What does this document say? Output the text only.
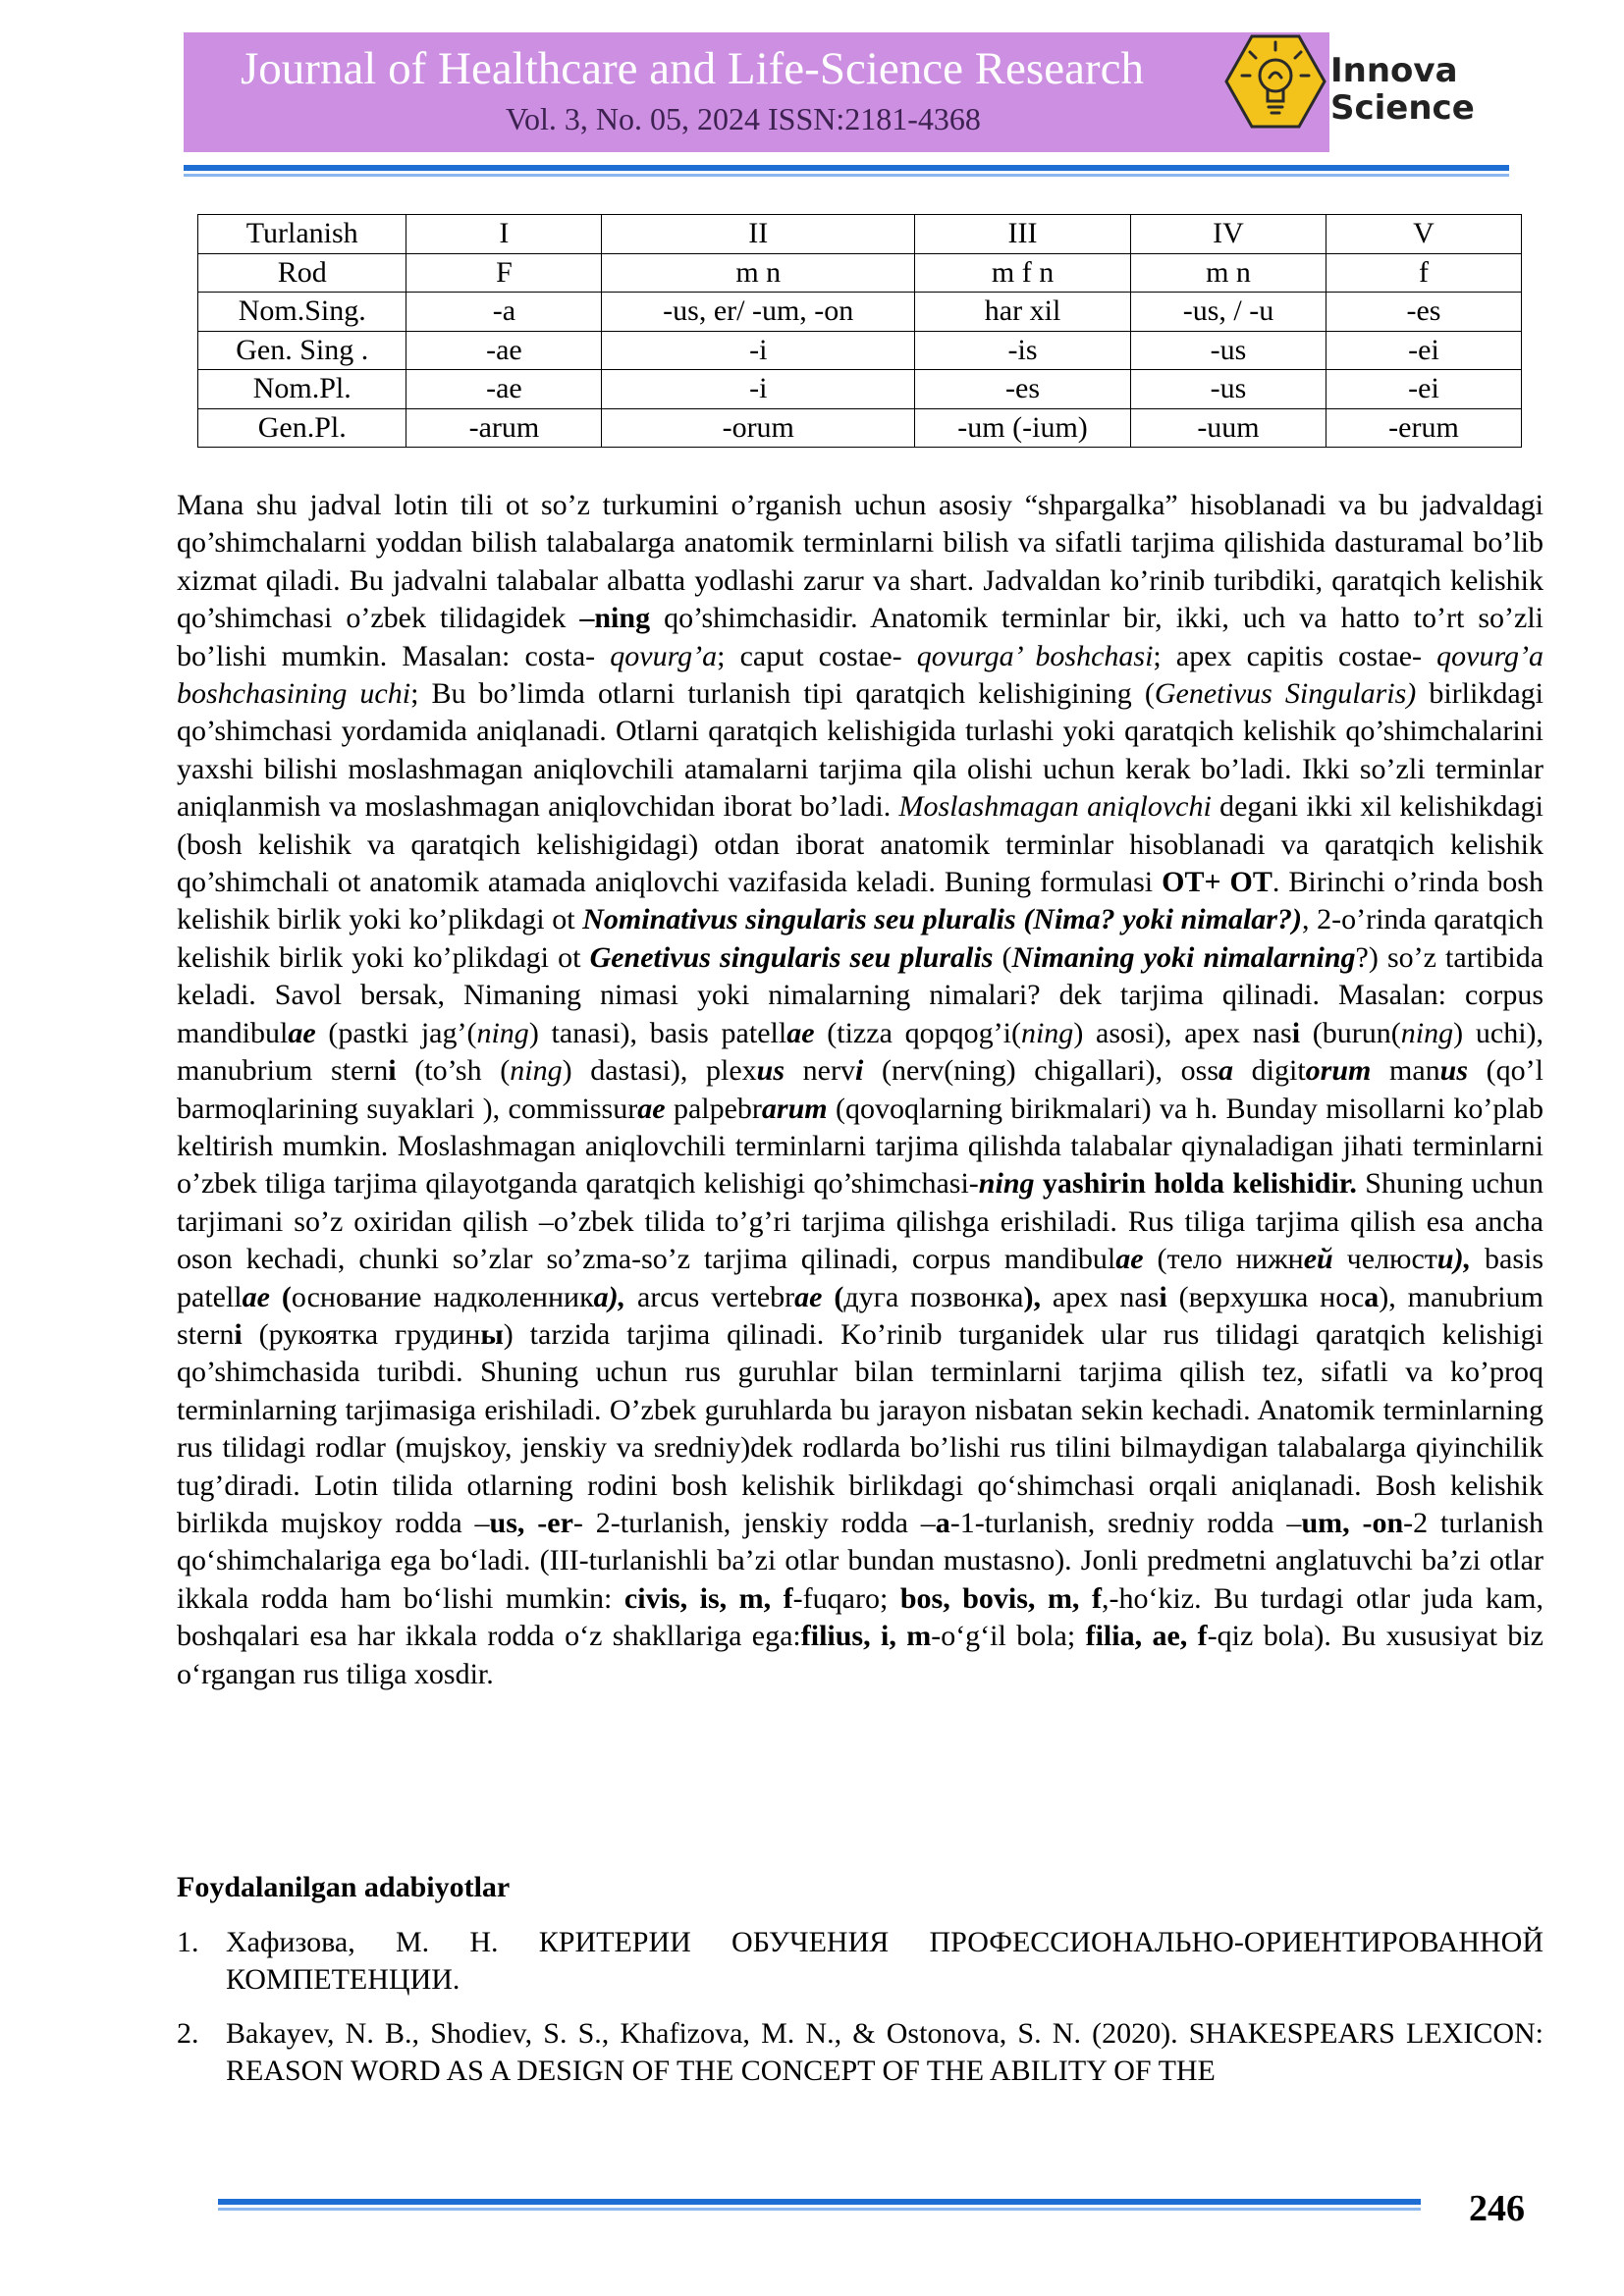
Journal of Healthcare and Life-Science Research
Vol. 3, No. 05, 2024 ISSN:2181-4368
Innova
Science
Turlanish	I	II	III	IV	V
Rod	F	m n	m f n	m n	f
Nom.Sing.	-a	-us, er/ -um, -on	har xil	-us, / -u	-es
Gen. Sing .	-ae	-i	-is	-us	-ei
Nom.Pl.	-ae	-i	-es	-us	-ei
Gen.Pl.	-arum	-orum	-um (-ium)	-uum	-erum

Mana shu jadval lotin tili ot so’z turkumini o’rganish uchun asosiy “shpargalka” hisoblanadi va bu jadvaldagi qo’shimchalarni yoddan bilish talabalarga anatomik terminlarni bilish va sifatli tarjima qilishida dasturamal bo’lib xizmat qiladi. Bu jadvalni talabalar albatta yodlashi zarur va shart. Jadvaldan ko’rinib turibdiki, qaratqich kelishik qo’shimchasi o’zbek tilidagidek –ning qo’shimchasidir. Anatomik terminlar bir, ikki, uch va hatto to’rt so’zli bo’lishi mumkin. Masalan: costa- qovurg’a; caput costae- qovurga’ boshchasi; apex capitis costae- qovurg’a boshchasining uchi; Bu bo’limda otlarni turlanish tipi qaratqich kelishigining (Genetivus Singularis) birlikdagi qo’shimchasi yordamida aniqlanadi. Otlarni qaratqich kelishigida turlashi yoki qaratqich kelishik qo’shimchalarini yaxshi bilishi moslashmagan aniqlovchili atamalarni tarjima qila olishi uchun kerak bo’ladi. Ikki so’zli terminlar aniqlanmish va moslashmagan aniqlovchidan iborat bo’ladi. Moslashmagan aniqlovchi degani ikki xil kelishikdagi (bosh kelishik va qaratqich kelishigidagi) otdan iborat anatomik terminlar hisoblanadi va qaratqich kelishik qo’shimchali ot anatomik atamada aniqlovchi vazifasida keladi. Buning formulasi OT+ OT. Birinchi o’rinda bosh kelishik birlik yoki ko’plikdagi ot Nominativus singularis seu pluralis (Nima? yoki nimalar?), 2-o’rinda qaratqich kelishik birlik yoki ko’plikdagi ot Genetivus singularis seu pluralis (Nimaning yoki nimalarning?) so’z tartibida keladi. Savol bersak, Nimaning nimasi yoki nimalarning nimalari? dek tarjima qilinadi. Masalan: corpus mandibulae (pastki jag’(ning) tanasi), basis patellae (tizza qopqog’i(ning) asosi), apex nasi (burun(ning) uchi), manubrium sterni (to’sh (ning) dastasi), plexus nervi (nerv(ning) chigallari), ossa digitorum manus (qo’l barmoqlarining suyaklari ), commissurae palpebrarum (qovoqlarning birikmalari) va h. Bunday misollarni ko’plab keltirish mumkin. Moslashmagan aniqlovchili terminlarni tarjima qilishda talabalar qiynaladigan jihati terminlarni o’zbek tiliga tarjima qilayotganda qaratqich kelishigi qo’shimchasi-ning yashirin holda kelishidir. Shuning uchun tarjimani so’z oxiridan qilish –o’zbek tilida to’g’ri tarjima qilishga erishiladi. Rus tiliga tarjima qilish esa ancha oson kechadi, chunki so’zlar so’zma-so’z tarjima qilinadi, corpus mandibulae (тело нижней челюсти), basis patellae (основание надколенника), arcus vertebrae (дуга позвонка), apex nasi (верхушка носа), manubrium sterni (рукоятка грудины) tarzida tarjima qilinadi. Ko’rinib turganidek ular rus tilidagi qaratqich kelishigi qo’shimchasida turibdi. Shuning uchun rus guruhlar bilan terminlarni tarjima qilish tez, sifatli va ko’proq terminlarning tarjimasiga erishiladi. O’zbek guruhlarda bu jarayon nisbatan sekin kechadi. Anatomik terminlarning rus tilidagi rodlar (mujskoy, jenskiy va sredniy)dek rodlarda bo’lishi rus tilini bilmaydigan talabalarga qiyinchilik tug’diradi. Lotin tilida otlarning rodini bosh kelishik birlikdagi qo‘shimchasi orqali aniqlanadi. Bosh kelishik birlikda mujskoy rodda –us, -er- 2-turlanish, jenskiy rodda –a-1-turlanish, sredniy rodda –um, -on-2 turlanish qo‘shimchalariga ega bo‘ladi. (III-turlanishli ba’zi otlar bundan mustasno). Jonli predmetni anglatuvchi ba’zi otlar ikkala rodda ham bo‘lishi mumkin: civis, is, m, f-fuqaro; bos, bovis, m, f,-ho‘kiz. Bu turdagi otlar juda kam, boshqalari esa har ikkala rodda o‘z shakllariga ega:filius, i, m-o‘g‘il bola; filia, ae, f-qiz bola). Bu xususiyat biz o‘rgangan rus tiliga xosdir.

Foydalanilgan adabiyotlar
1. Хафизова, М. Н. КРИТЕРИИ ОБУЧЕНИЯ ПРОФЕССИОНАЛЬНО-ОРИЕНТИРОВАННОЙ КОМПЕТЕНЦИИ.
2. Bakayev, N. B., Shodiev, S. S., Khafizova, M. N., & Ostonova, S. N. (2020). SHAKESPEARS LEXICON: REASON WORD AS A DESIGN OF THE CONCEPT OF THE ABILITY OF THE
246
